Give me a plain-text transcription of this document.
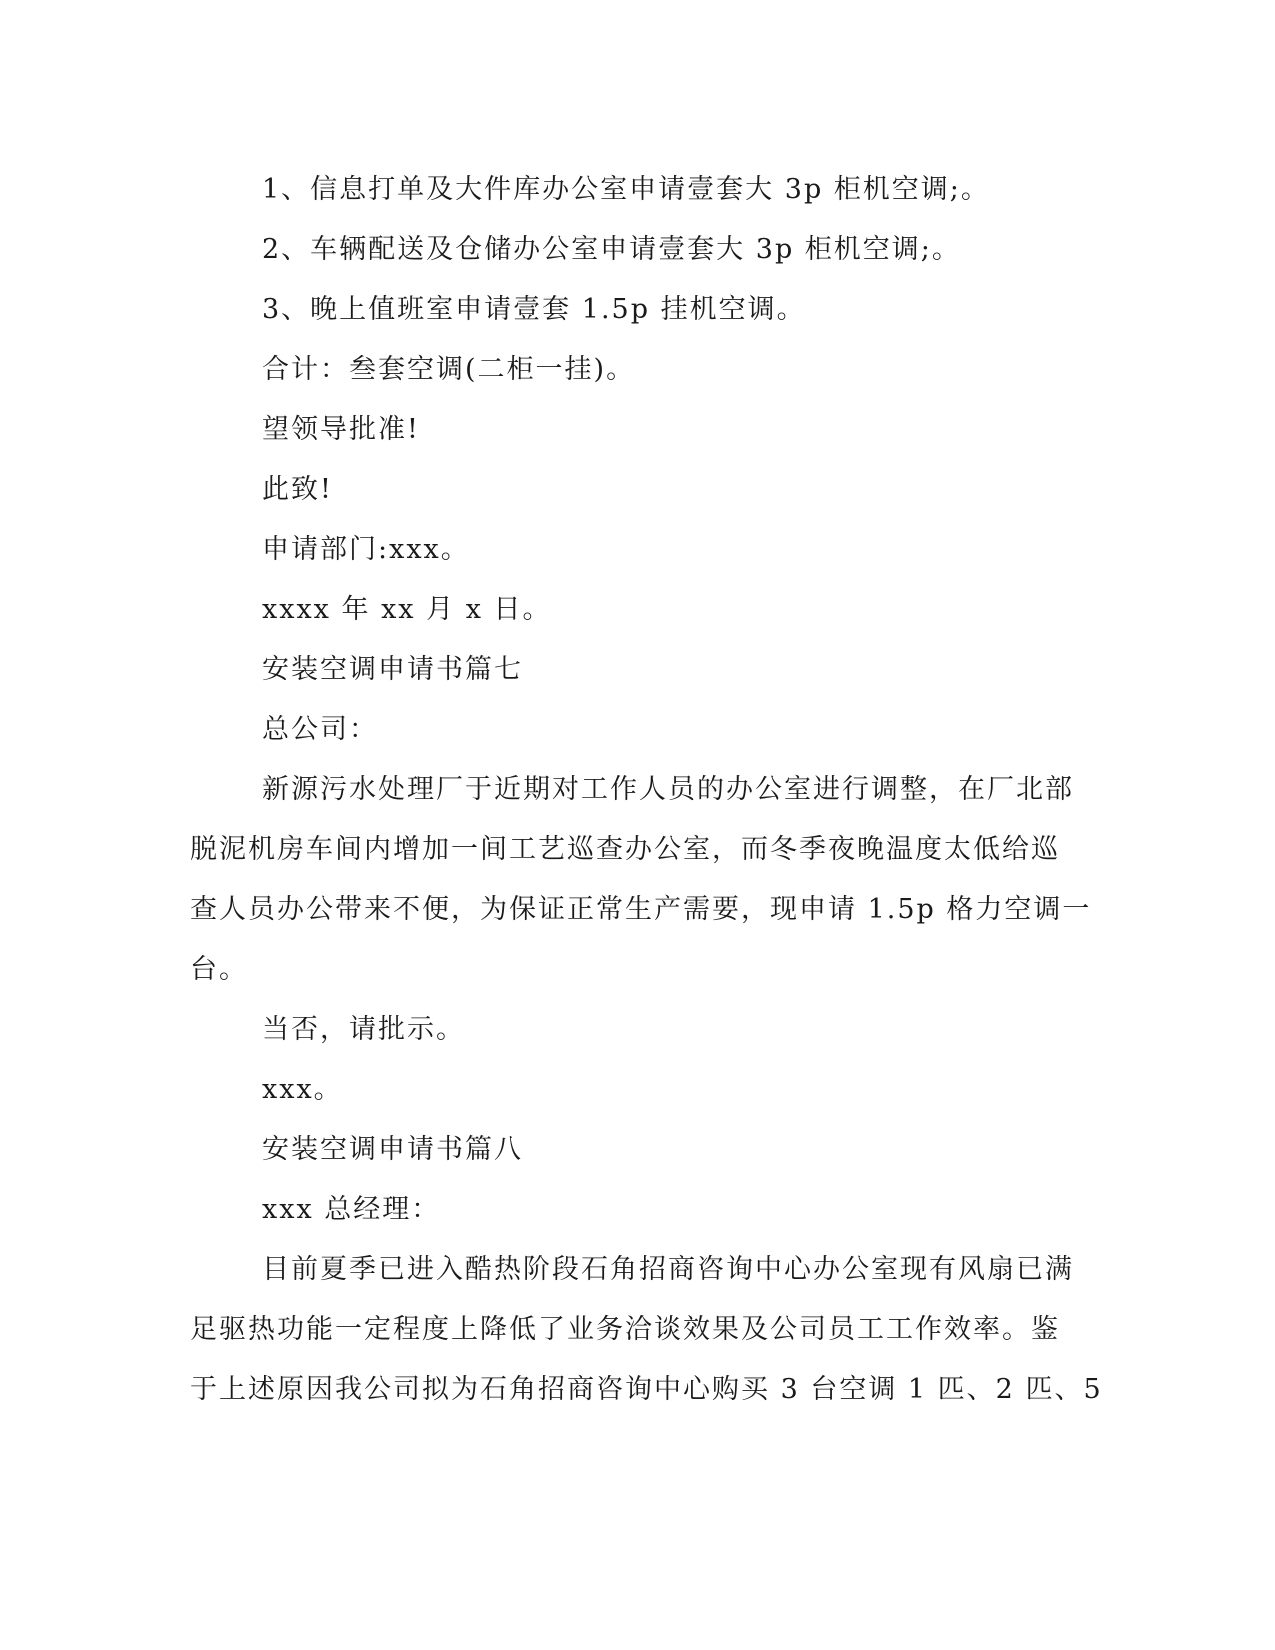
1、信息打单及大件库办公室申请壹套大 3p 柜机空调;。
2、车辆配送及仓储办公室申请壹套大 3p 柜机空调;。
3、晚上值班室申请壹套 1.5p 挂机空调。
合计：叁套空调(二柜一挂)。
望领导批准!
此致!
申请部门:xxx。
xxxx 年 xx 月 x 日。
安装空调申请书篇七
总公司：
新源污水处理厂于近期对工作人员的办公室进行调整，在厂北部
脱泥机房车间内增加一间工艺巡查办公室，而冬季夜晚温度太低给巡
查人员办公带来不便，为保证正常生产需要，现申请 1.5p 格力空调一
台。
当否，请批示。
xxx。
安装空调申请书篇八
xxx 总经理：
目前夏季已进入酷热阶段石角招商咨询中心办公室现有风扇已满
足驱热功能一定程度上降低了业务洽谈效果及公司员工工作效率。鉴
于上述原因我公司拟为石角招商咨询中心购买 3 台空调 1 匹、2 匹、5
